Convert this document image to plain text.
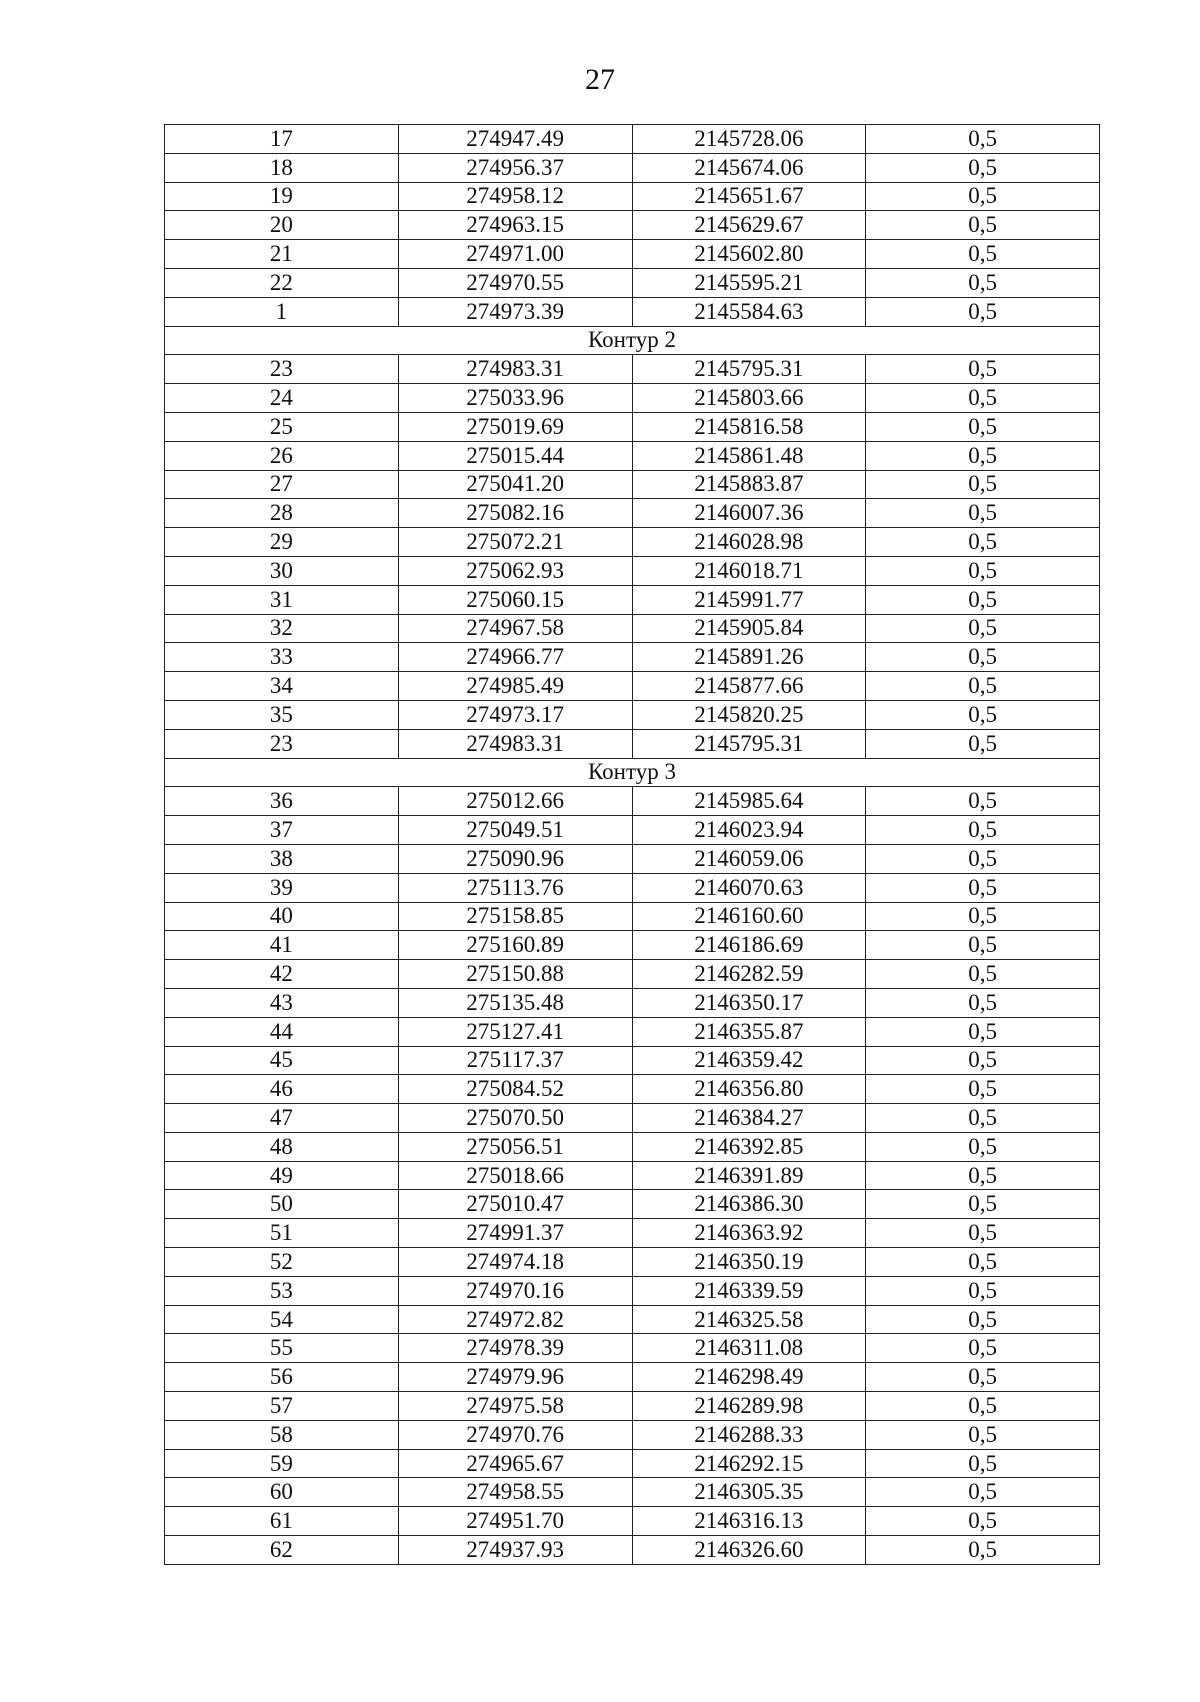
27
17	274947.49	2145728.06	0,5
18	274956.37	2145674.06	0,5
19	274958.12	2145651.67	0,5
20	274963.15	2145629.67	0,5
21	274971.00	2145602.80	0,5
22	274970.55	2145595.21	0,5
1	274973.39	2145584.63	0,5
Контур 2			
23	274983.31	2145795.31	0,5
24	275033.96	2145803.66	0,5
25	275019.69	2145816.58	0,5
26	275015.44	2145861.48	0,5
27	275041.20	2145883.87	0,5
28	275082.16	2146007.36	0,5
29	275072.21	2146028.98	0,5
30	275062.93	2146018.71	0,5
31	275060.15	2145991.77	0,5
32	274967.58	2145905.84	0,5
33	274966.77	2145891.26	0,5
34	274985.49	2145877.66	0,5
35	274973.17	2145820.25	0,5
23	274983.31	2145795.31	0,5
Контур 3			
36	275012.66	2145985.64	0,5
37	275049.51	2146023.94	0,5
38	275090.96	2146059.06	0,5
39	275113.76	2146070.63	0,5
40	275158.85	2146160.60	0,5
41	275160.89	2146186.69	0,5
42	275150.88	2146282.59	0,5
43	275135.48	2146350.17	0,5
44	275127.41	2146355.87	0,5
45	275117.37	2146359.42	0,5
46	275084.52	2146356.80	0,5
47	275070.50	2146384.27	0,5
48	275056.51	2146392.85	0,5
49	275018.66	2146391.89	0,5
50	275010.47	2146386.30	0,5
51	274991.37	2146363.92	0,5
52	274974.18	2146350.19	0,5
53	274970.16	2146339.59	0,5
54	274972.82	2146325.58	0,5
55	274978.39	2146311.08	0,5
56	274979.96	2146298.49	0,5
57	274975.58	2146289.98	0,5
58	274970.76	2146288.33	0,5
59	274965.67	2146292.15	0,5
60	274958.55	2146305.35	0,5
61	274951.70	2146316.13	0,5
62	274937.93	2146326.60	0,5
